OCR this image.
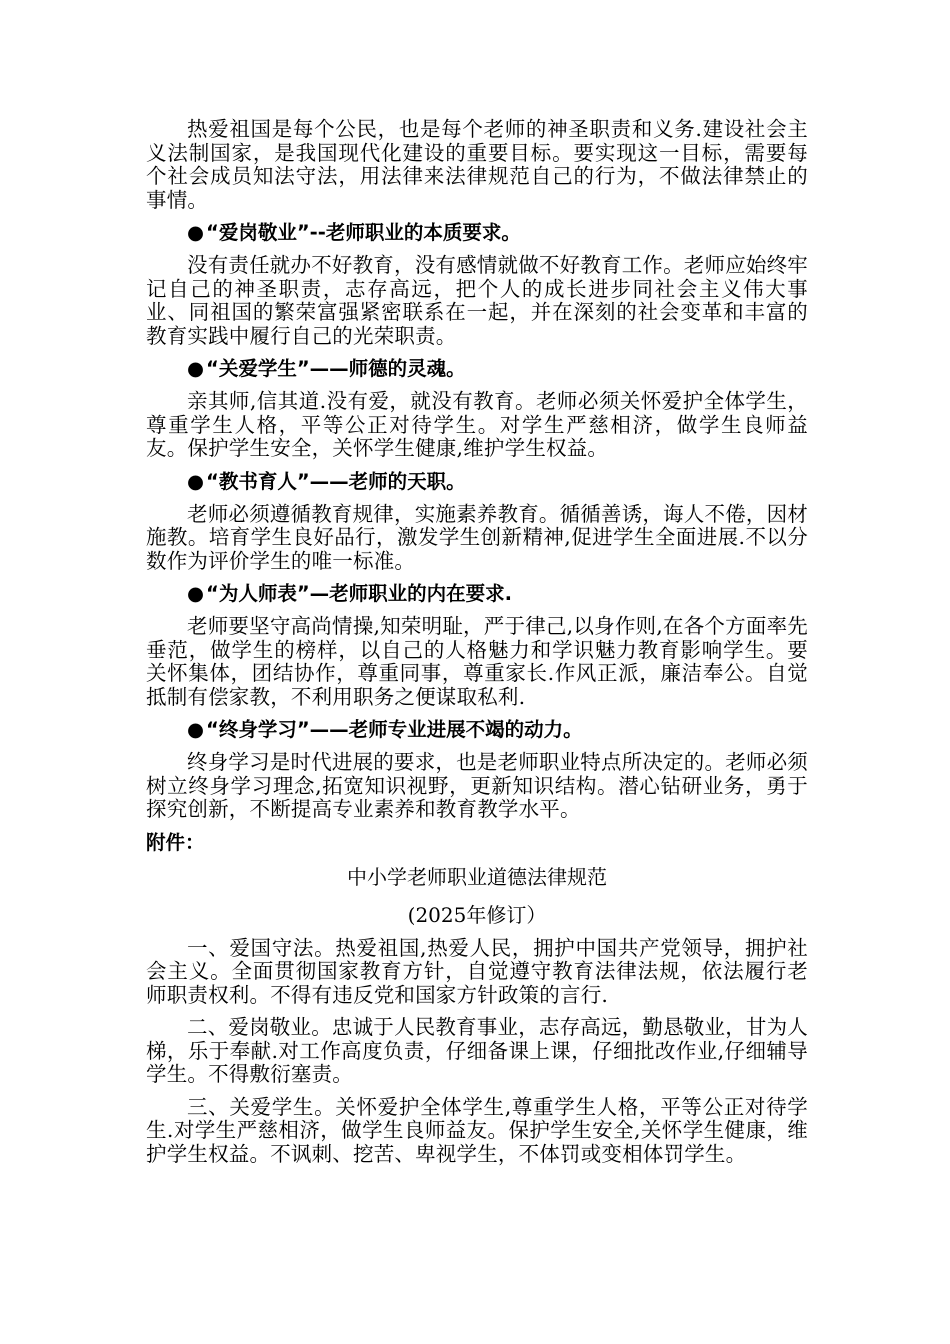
热爱祖国是每个公民，也是每个老师的神圣职责和义务.建设社会主义法制国家，是我国现代化建设的重要目标。要实现这一目标，需要每个社会成员知法守法，用法律来法律规范自己的行为，不做法律禁止的事情。

● “爱岗敬业”--老师职业的本质要求。

没有责任就办不好教育，没有感情就做不好教育工作。老师应始终牢记自己的神圣职责，志存高远，把个人的成长进步同社会主义伟大事业、同祖国的繁荣富强紧密联系在一起，并在深刻的社会变革和丰富的教育实践中履行自己的光荣职责。

● “关爱学生”——师德的灵魂。

亲其师,信其道.没有爱，就没有教育。老师必须关怀爱护全体学生，尊重学生人格，平等公正对待学生。对学生严慈相济，做学生良师益友。保护学生安全，关怀学生健康,维护学生权益。

● “教书育人”——老师的天职。

老师必须遵循教育规律，实施素养教育。循循善诱，诲人不倦，因材施教。培育学生良好品行，激发学生创新精神,促进学生全面进展.不以分数作为评价学生的唯一标准。

● “为人师表”—老师职业的内在要求.

老师要坚守高尚情操,知荣明耻，严于律己,以身作则,在各个方面率先垂范，做学生的榜样，以自己的人格魅力和学识魅力教育影响学生。要关怀集体，团结协作，尊重同事，尊重家长.作风正派，廉洁奉公。自觉抵制有偿家教，不利用职务之便谋取私利.

● “终身学习”——老师专业进展不竭的动力。

终身学习是时代进展的要求，也是老师职业特点所决定的。老师必须树立终身学习理念,拓宽知识视野，更新知识结构。潜心钻研业务，勇于探究创新，不断提高专业素养和教育教学水平。

附件：
中小学老师职业道德法律规范
(2025年修订）

一、爱国守法。热爱祖国,热爱人民，拥护中国共产党领导，拥护社会主义。全面贯彻国家教育方针，自觉遵守教育法律法规，依法履行老师职责权利。不得有违反党和国家方针政策的言行.

二、爱岗敬业。忠诚于人民教育事业，志存高远，勤恳敬业，甘为人梯，乐于奉献.对工作高度负责，仔细备课上课，仔细批改作业,仔细辅导学生。不得敷衍塞责。

三、关爱学生。关怀爱护全体学生,尊重学生人格，平等公正对待学生.对学生严慈相济，做学生良师益友。保护学生安全,关怀学生健康，维护学生权益。不讽刺、挖苦、卑视学生，不体罚或变相体罚学生。
